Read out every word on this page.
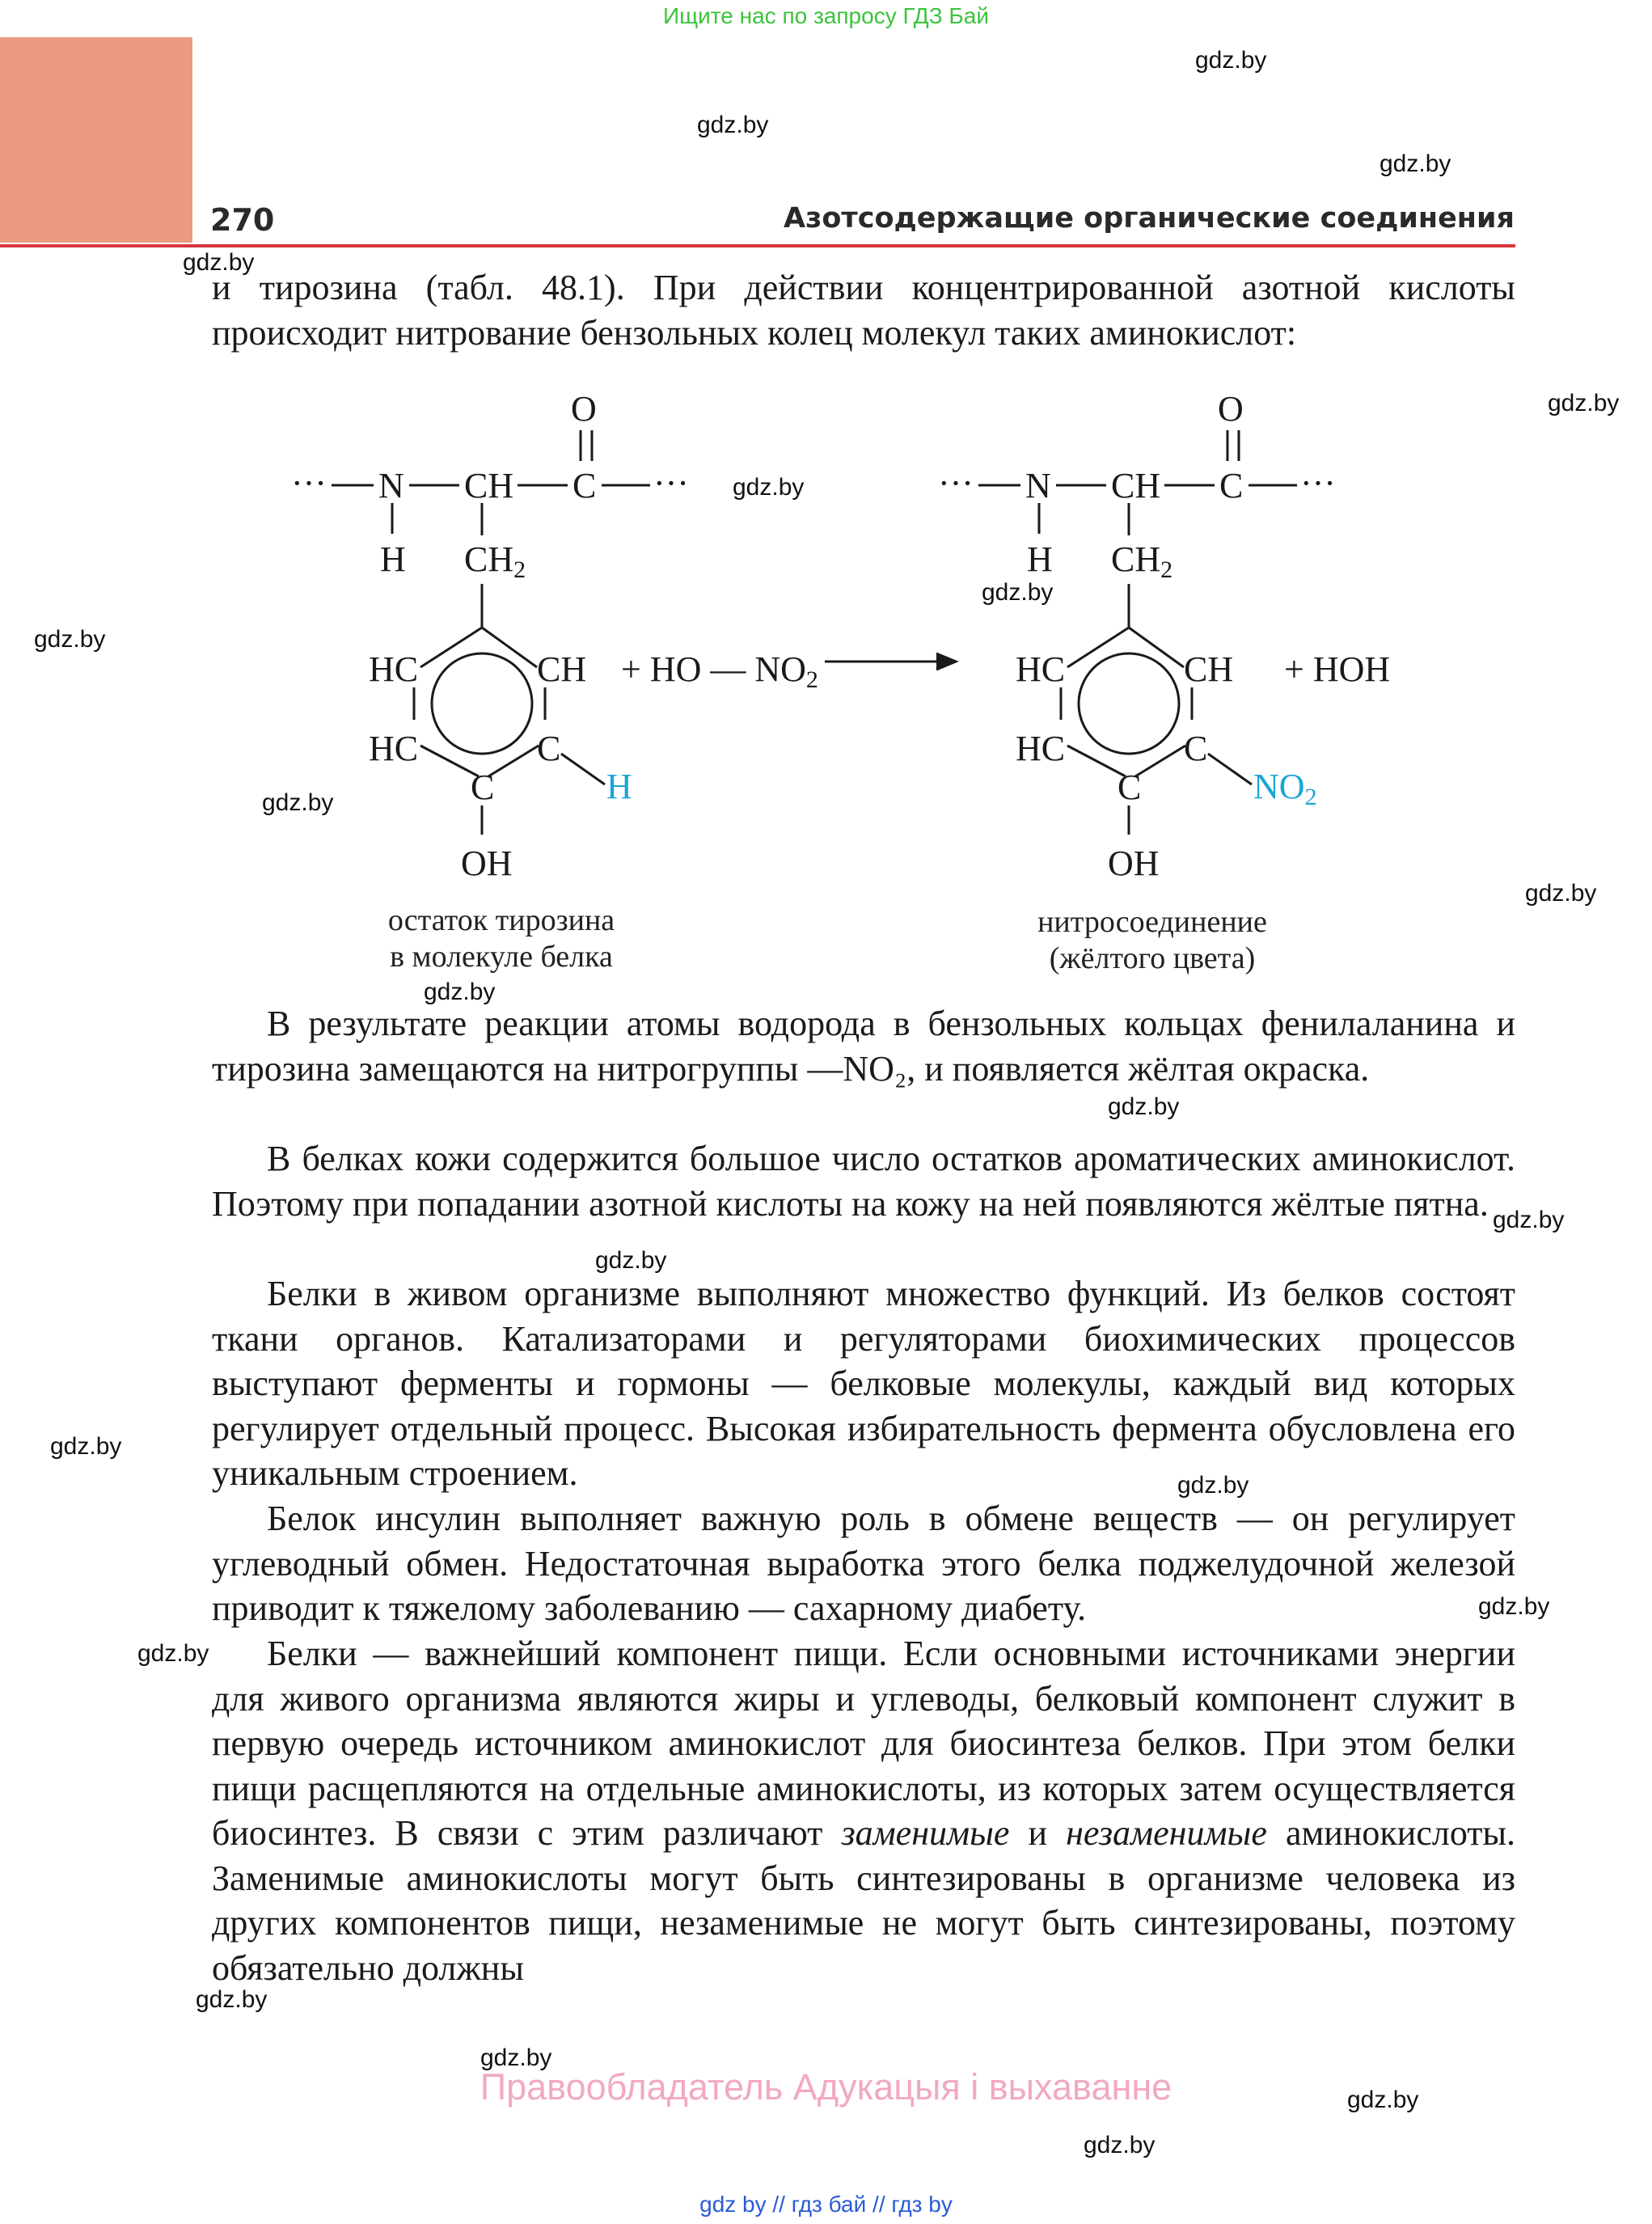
Ищите нас по запросу ГДЗ Бай
270	Азотсодержащие органические соединения
и тирозина (табл. 48.1). При действии концентрированной азотной кислоты происходит нитрование бензольных колец молекул таких аминокислот:
··· N CH C ···
O
H CH2
HC	CH
HC	C
C
OH
H
+ HO — NO2
··· N CH C ···
O
H CH2
HC	CH
HC	C
C
OH
NO2
+ HOH
остаток тирозина
в молекуле белка
нитросоединение
(жёлтого цвета)
В результате реакции атомы водорода в бензольных кольцах фенилаланина и тирозина замещаются на нитрогруппы —NO₂, и появляется жёлтая окраска.
В белках кожи содержится большое число остатков ароматических аминокислот. Поэтому при попадании азотной кислоты на кожу на ней появляются жёлтые пятна.
Белки в живом организме выполняют множество функций. Из белков состоят ткани органов. Катализаторами и регуляторами биохимических процессов выступают ферменты и гормоны — белковые молекулы, каждый вид которых регулирует отдельный процесс. Высокая избирательность фермента обусловлена его уникальным строением.
Белок инсулин выполняет важную роль в обмене веществ — он регулирует углеводный обмен. Недостаточная выработка этого белка поджелудочной железой приводит к тяжелому заболеванию — сахарному диабету.
Белки — важнейший компонент пищи. Если основными источниками энергии для живого организма являются жиры и углеводы, белковый компонент служит в первую очередь источником аминокислот для биосинтеза белков. При этом белки пищи расщепляются на отдельные аминокислоты, из которых затем осуществляется биосинтез. В связи с этим различают заменимые и незаменимые аминокислоты. Заменимые аминокислоты могут быть синтезированы в организме человека из других компонентов пищи, незаменимые не могут быть синтезированы, поэтому обязательно должны
gdz.by
gdz.by
gdz.by
gdz.by
gdz.by
gdz.by
gdz.by
gdz.by
gdz.by
gdz.by
gdz.by
gdz.by
gdz.by
gdz.by
gdz.by
gdz.by
gdz.by
gdz.by
gdz.by
gdz.by
gdz.by
gdz.by
Правообладатель Адукацыя і выхаванне
gdz by // гдз бай // гдз by
